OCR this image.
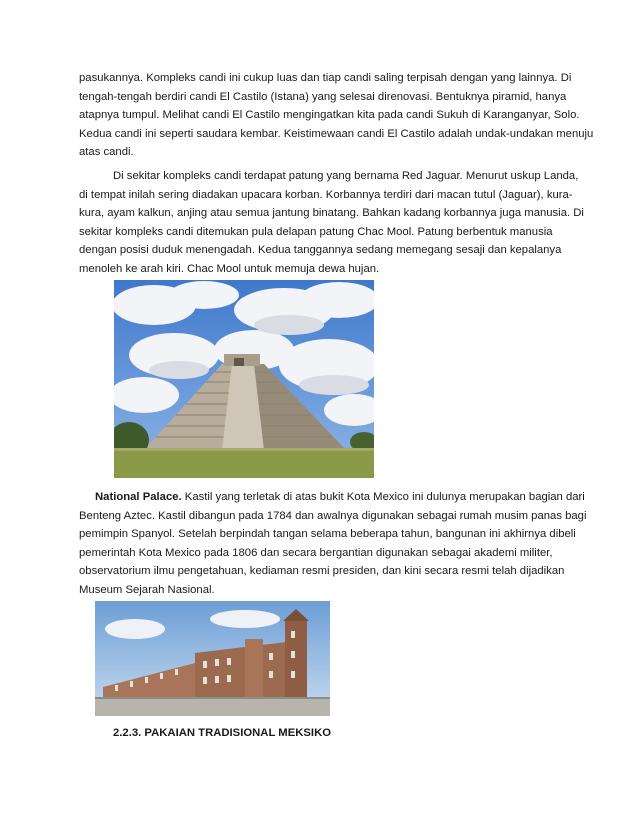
pasukannya. Kompleks candi ini cukup luas dan tiap candi saling terpisah dengan yang lainnya. Di
tengah-tengah berdiri candi El Castilo (Istana) yang selesai direnovasi. Bentuknya piramid, hanya
atapnya tumpul. Melihat candi El Castilo mengingatkan kita pada candi Sukuh di Karanganyar, Solo.
Kedua candi ini seperti saudara kembar. Keistimewaan candi El Castilo adalah undak-undakan menuju
atas candi.

Di sekitar kompleks candi terdapat patung yang bernama Red Jaguar. Menurut uskup Landa,
di tempat inilah sering diadakan upacara korban. Korbannya terdiri dari macan tutul (Jaguar), kura-
kura, ayam kalkun, anjing atau semua jantung binatang. Bahkan kadang korbannya juga manusia. Di
sekitar kompleks candi ditemukan pula delapan patung Chac Mool. Patung berbentuk manusia
dengan posisi duduk menengadah. Kedua tanggannya sedang memegang sesaji dan kepalanya
menoleh ke arah kiri. Chac Mool untuk memuja dewa hujan.

National Palace. Kastil yang terletak di atas bukit Kota Mexico ini dulunya merupakan bagian dari
Benteng Aztec. Kastil dibangun pada 1784 dan awalnya digunakan sebagai rumah musim panas bagi
pemimpin Spanyol. Setelah berpindah tangan selama beberapa tahun, bangunan ini akhirnya dibeli
pemerintah Kota Mexico pada 1806 dan secara bergantian digunakan sebagai akademi militer,
observatorium ilmu pengetahuan, kediaman resmi presiden, dan kini secara resmi telah dijadikan
Museum Sejarah Nasional.

2.2.3. PAKAIAN TRADISIONAL MEKSIKO
